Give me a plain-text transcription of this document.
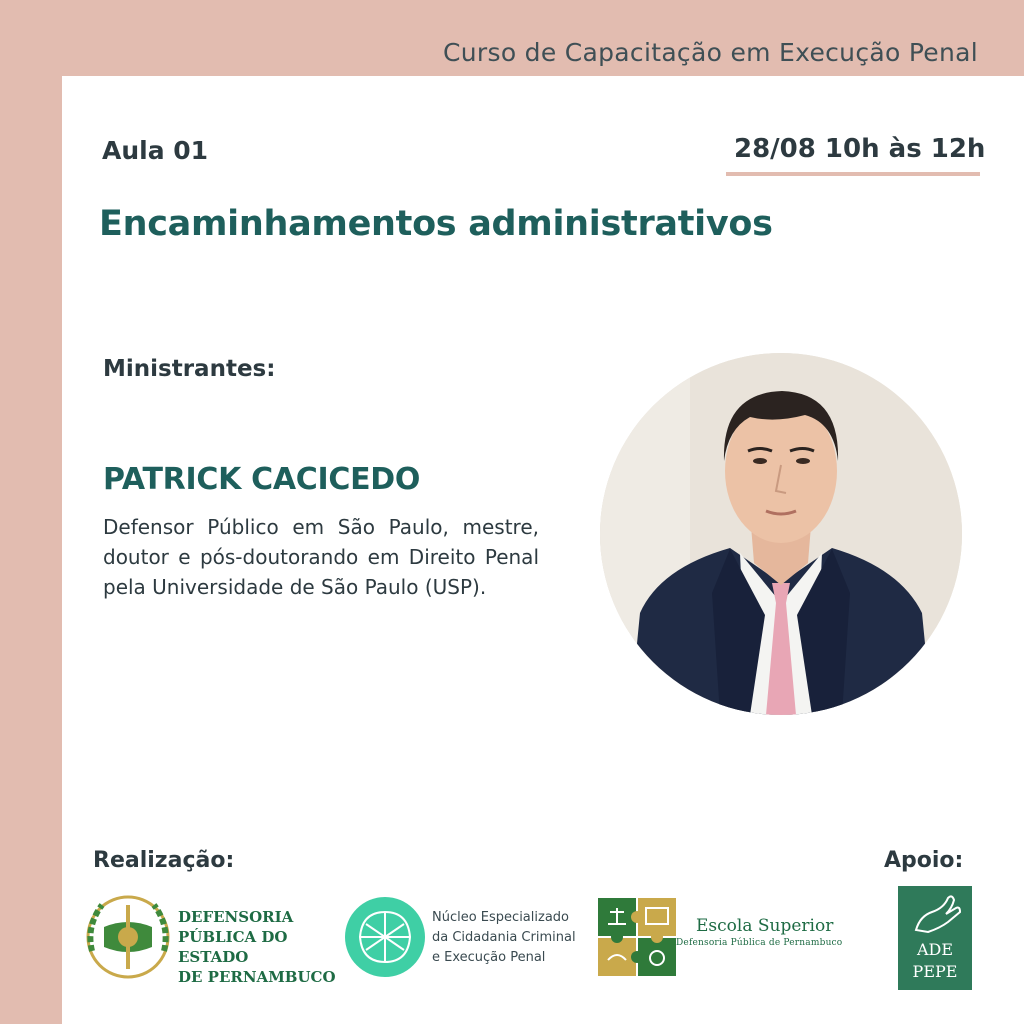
Curso de Capacitação em Execução Penal
Aula 01	28/08 10h às 12h
Encaminhamentos administrativos
Ministrantes:
PATRICK CACICEDO
Defensor Público em São Paulo, mestre, doutor e pós-doutorando em Direito Penal pela Universidade de São Paulo (USP).
Realização:	Apoio:
DEFENSORIA
PÚBLICA DO ESTADO
DE PERNAMBUCO
Núcleo Especializado
da Cidadania Criminal
e Execução Penal
Escola Superior
Defensoria Pública de Pernambuco	ADE
PEPE
